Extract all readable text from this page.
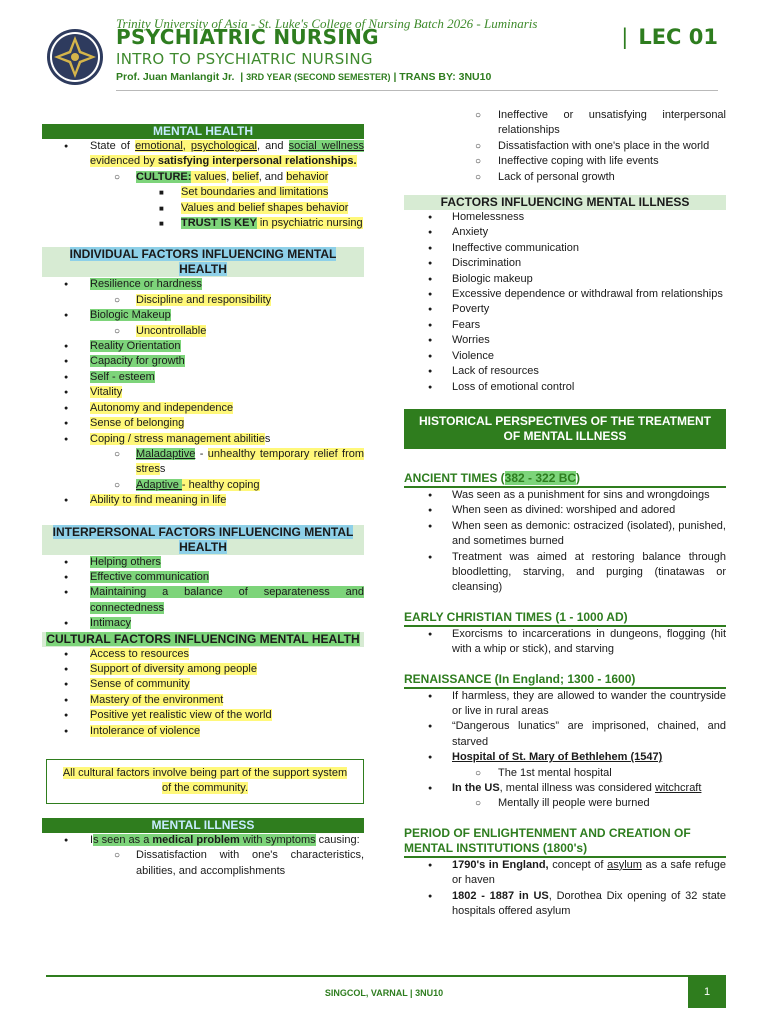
Trinity University of Asia - St. Luke's College of Nursing Batch 2026 - Luminaris
PSYCHIATRIC NURSING
INTRO TO PSYCHIATRIC NURSING
Prof. Juan Manlangit Jr. | 3RD YEAR (SECOND SEMESTER) | TRANS BY: 3NU10
| LEC 01
MENTAL HEALTH
● State of emotional, psychological, and social wellness evidenced by satisfying interpersonal relationships.
○ CULTURE: values, belief, and behavior
■ Set boundaries and limitations
■ Values and belief shapes behavior
■ TRUST IS KEY in psychiatric nursing
INDIVIDUAL FACTORS INFLUENCING MENTAL HEALTH
● Resilience or hardness
○ Discipline and responsibility
● Biologic Makeup
○ Uncontrollable
● Reality Orientation
● Capacity for growth
● Self - esteem
● Vitality
● Autonomy and independence
● Sense of belonging
● Coping / stress management abilities
○ Maladaptive - unhealthy temporary relief from stress
○ Adaptive - healthy coping
● Ability to find meaning in life
INTERPERSONAL FACTORS INFLUENCING MENTAL HEALTH
● Helping others
● Effective communication
● Maintaining a balance of separateness and connectedness
● Intimacy
CULTURAL FACTORS INFLUENCING MENTAL HEALTH
● Access to resources
● Support of diversity among people
● Sense of community
● Mastery of the environment
● Positive yet realistic view of the world
● Intolerance of violence
All cultural factors involve being part of the support system of the community.
MENTAL ILLNESS
● Is seen as a medical problem with symptoms causing:
○ Dissatisfaction with one's characteristics, abilities, and accomplishments
○ Ineffective or unsatisfying interpersonal relationships
○ Dissatisfaction with one's place in the world
○ Ineffective coping with life events
○ Lack of personal growth
FACTORS INFLUENCING MENTAL ILLNESS
● Homelessness
● Anxiety
● Ineffective communication
● Discrimination
● Biologic makeup
● Excessive dependence or withdrawal from relationships
● Poverty
● Fears
● Worries
● Violence
● Lack of resources
● Loss of emotional control
HISTORICAL PERSPECTIVES OF THE TREATMENT OF MENTAL ILLNESS
ANCIENT TIMES (382 - 322 BC)
● Was seen as a punishment for sins and wrongdoings
● When seen as divined: worshiped and adored
● When seen as demonic: ostracized (isolated), punished, and sometimes burned
● Treatment was aimed at restoring balance through bloodletting, starving, and purging (tinatawas or cleansing)
EARLY CHRISTIAN TIMES (1 - 1000 AD)
● Exorcisms to incarcerations in dungeons, flogging (hit with a whip or stick), and starving
RENAISSANCE (In England; 1300 - 1600)
● If harmless, they are allowed to wander the countryside or live in rural areas
● “Dangerous lunatics” are imprisoned, chained, and starved
● Hospital of St. Mary of Bethlehem (1547)
○ The 1st mental hospital
● In the US, mental illness was considered witchcraft
○ Mentally ill people were burned
PERIOD OF ENLIGHTENMENT AND CREATION OF MENTAL INSTITUTIONS (1800's)
● 1790's in England, concept of asylum as a safe refuge or haven
● 1802 - 1887 in US, Dorothea Dix opening of 32 state hospitals offered asylum
SINGCOL, VARNAL | 3NU10	1
